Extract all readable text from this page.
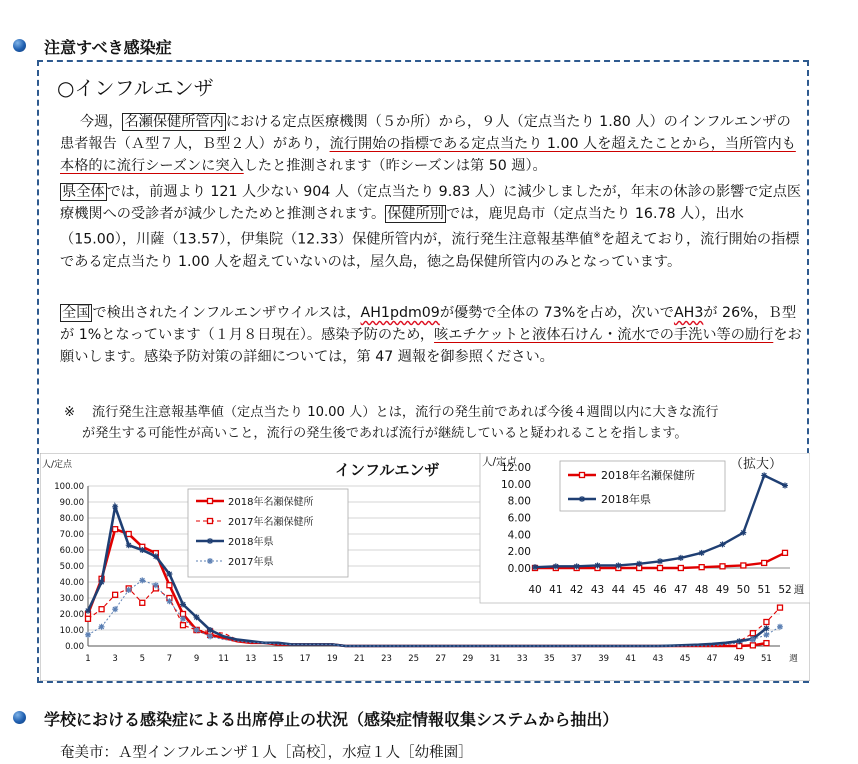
注意すべき感染症
○インフルエンザ

今週， 名瀬保健所管内 における定点医療機関（５か所）から，９人（定点当たり 1.80 人）のインフルエンザの患者報告（Ａ型７人，Ｂ型２人）があり，流行開始の指標である定点当たり 1.00 人を超えたことから，当所管内も本格的に流行シーズンに突入したと推測されます（昨シーズンは第 50 週）。

県全体 では，前週より 121 人少ない 904 人（定点当たり 9.83 人）に減少しましたが，年末の休診の影響で定点医療機関への受診者が減少したためと推測されます。 保健所別 では，鹿児島市（定点当たり 16.78 人），出水（15.00），川薩（13.57），伊集院（12.33）保健所管内が，流行発生注意報基準値※を超えており，流行開始の指標である定点当たり 1.00 人を超えていないのは，屋久島，徳之島保健所管内のみとなっています。

全国 で検出されたインフルエンザウイルスは，AH1pdm09が優勢で全体の 73%を占め，次いでAH3が 26%，Ｂ型が 1%となっています（１月８日現在）。感染予防のため，咳エチケットと液体石けん・流水での手洗い等の励行をお願いします。感染予防対策の詳細については，第 47 週報を御参照ください。

※ 流行発生注意報基準値（定点当たり 10.00 人）とは，流行の発生前であれば今後４週間以内に大きな流行
が発生する可能性が高いこと，流行の発生後であれば流行が継続していると疑われることを指します。
人/定点	インフルエンザ
0.00
10.00
20.00
30.00
40.00
50.00
60.00
70.00
80.00
90.00
100.00
1	3	5	7	9 11 13 15 17 19 21 23 25 27 29 31 33 35 37 39 41 43 45 47 49 51 週
2018年名瀬保健所
2017年名瀬保健所
2018年県
2017年県
人/定点	（拡大）
0.00
2.00
4.00
6.00
8.00
10.00
12.00
40 41 42 43 44 45 46 47 48 49 50 51 52 週
2018年名瀬保健所
2018年県
学校における感染症による出席停止の状況（感染症情報収集システムから抽出）
奄美市：Ａ型インフルエンザ１人［高校］，水痘１人［幼稚園］
